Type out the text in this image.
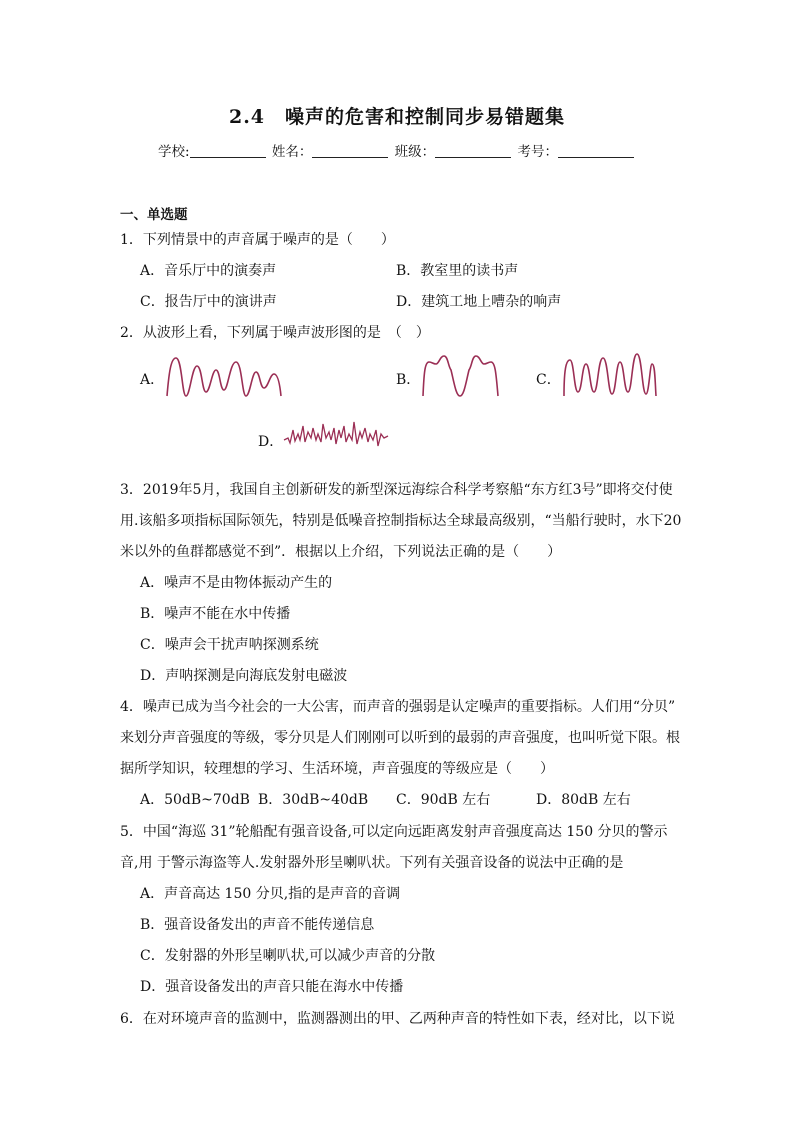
2.4　噪声的危害和控制同步易错题集
学校:	姓名：	班级：	考号：
一、单选题
1．下列情景中的声音属于噪声的是（　　）
A．音乐厅中的演奏声	B．教室里的读书声
C．报告厅中的演讲声	D．建筑工地上嘈杂的响声
2．从波形上看，下列属于噪声波形图的是　（　）
A．	B．	C．
D．
3．2019年5月，我国自主创新研发的新型深远海综合科学考察船“东方红3号”即将交付使
用.该船多项指标国际领先，特别是低噪音控制指标达全球最高级别，“当船行驶时，水下20
米以外的鱼群都感觉不到”．根据以上介绍，下列说法正确的是（　　）
A．噪声不是由物体振动产生的
B．噪声不能在水中传播
C．噪声会干扰声呐探测系统
D．声呐探测是向海底发射电磁波
4．噪声已成为当今社会的一大公害，而声音的强弱是认定噪声的重要指标。人们用“分贝”
来划分声音强度的等级，零分贝是人们刚刚可以听到的最弱的声音强度，也叫听觉下限。根
据所学知识，较理想的学习、生活环境，声音强度的等级应是（　　）
A．50dB~70dB B．30dB~40dB C．90dB 左右	D．80dB 左右
5．中国“海巡 31”轮船配有强音设备,可以定向远距离发射声音强度高达 150 分贝的警示
音,用 于警示海盗等人.发射器外形呈喇叭状。下列有关强音设备的说法中正确的是
A．声音高达 150 分贝,指的是声音的音调
B．强音设备发出的声音不能传递信息
C．发射器的外形呈喇叭状,可以减少声音的分散
D．强音设备发出的声音只能在海水中传播
6．在对环境声音的监测中，监测器测出的甲、乙两种声音的特性如下表，经对比，以下说
